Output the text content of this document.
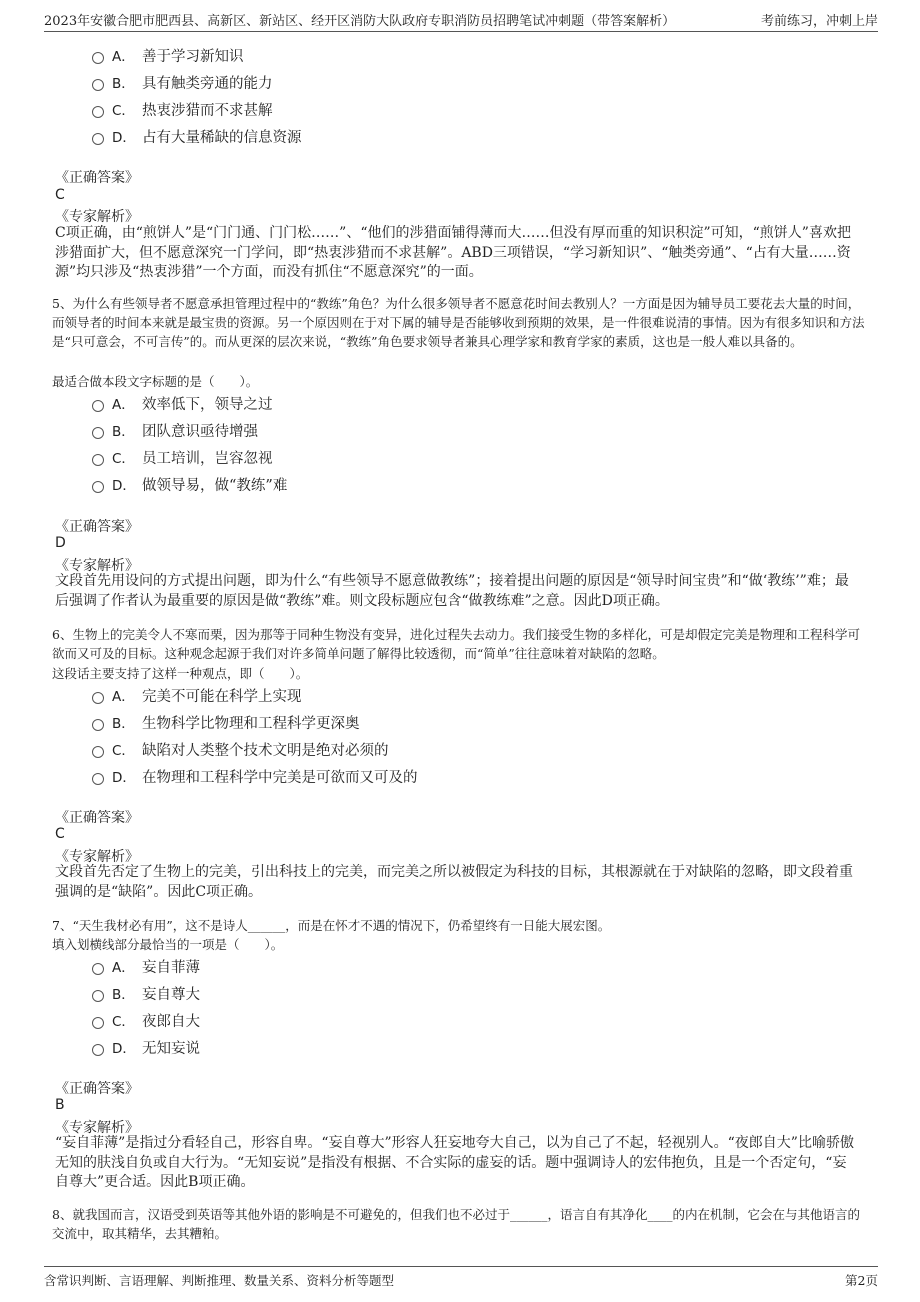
2023年安徽合肥市肥西县、高新区、新站区、经开区消防大队政府专职消防员招聘笔试冲刺题（带答案解析）	考前练习，冲刺上岸
A． 善于学习新知识
B． 具有触类旁通的能力
C． 热衷涉猎而不求甚解
D． 占有大量稀缺的信息资源
《正确答案》
C
《专家解析》
C项正确，由“煎饼人”是“门门通、门门松……”、“他们的涉猎面铺得薄而大……但没有厚而重的知识积淀”可知，“煎饼人”喜欢把涉猎面扩大，但不愿意深究一门学问，即“热衷涉猎而不求甚解”。ABD三项错误，“学习新知识”、“触类旁通”、“占有大量……资源”均只涉及“热衷涉猎”一个方面，而没有抓住“不愿意深究”的一面。
5、为什么有些领导者不愿意承担管理过程中的“教练”角色？为什么很多领导者不愿意花时间去教别人？一方面是因为辅导员工要花去大量的时间，而领导者的时间本来就是最宝贵的资源。另一个原因则在于对下属的辅导是否能够收到预期的效果，是一件很难说清的事情。因为有很多知识和方法是“只可意会，不可言传”的。而从更深的层次来说，“教练”角色要求领导者兼具心理学家和教育学家的素质，这也是一般人难以具备的。
最适合做本段文字标题的是（　　）。
A． 效率低下，领导之过
B． 团队意识亟待增强
C． 员工培训，岂容忽视
D． 做领导易，做“教练”难
《正确答案》
D
《专家解析》
文段首先用设问的方式提出问题，即为什么“有些领导不愿意做教练”；接着提出问题的原因是“领导时间宝贵”和“做‘教练’”难；最后强调了作者认为最重要的原因是做“教练”难。则文段标题应包含“做教练难”之意。因此D项正确。
6、生物上的完美令人不寒而栗，因为那等于同种生物没有变异，进化过程失去动力。我们接受生物的多样化，可是却假定完美是物理和工程科学可欲而又可及的目标。这种观念起源于我们对许多简单问题了解得比较透彻，而“简单”往往意味着对缺陷的忽略。
这段话主要支持了这样一种观点，即（　　）。
A． 完美不可能在科学上实现
B． 生物科学比物理和工程科学更深奥
C． 缺陷对人类整个技术文明是绝对必须的
D． 在物理和工程科学中完美是可欲而又可及的
《正确答案》
C
《专家解析》
文段首先否定了生物上的完美，引出科技上的完美，而完美之所以被假定为科技的目标，其根源就在于对缺陷的忽略，即文段着重强调的是“缺陷”。因此C项正确。
7、“天生我材必有用”，这不是诗人______，而是在怀才不遇的情况下，仍希望终有一日能大展宏图。
填入划横线部分最恰当的一项是（　　）。
A． 妄自菲薄
B． 妄自尊大
C． 夜郎自大
D． 无知妄说
《正确答案》
B
《专家解析》
“妄自菲薄”是指过分看轻自己，形容自卑。“妄自尊大”形容人狂妄地夸大自己，以为自己了不起，轻视别人。“夜郎自大”比喻骄傲无知的肤浅自负或自大行为。“无知妄说”是指没有根据、不合实际的虚妄的话。题中强调诗人的宏伟抱负，且是一个否定句，“妄自尊大”更合适。因此B项正确。
8、就我国而言，汉语受到英语等其他外语的影响是不可避免的，但我们也不必过于______，语言自有其净化____的内在机制，它会在与其他语言的交流中，取其精华，去其糟粕。
含常识判断、言语理解、判断推理、数量关系、资料分析等题型	第2页
